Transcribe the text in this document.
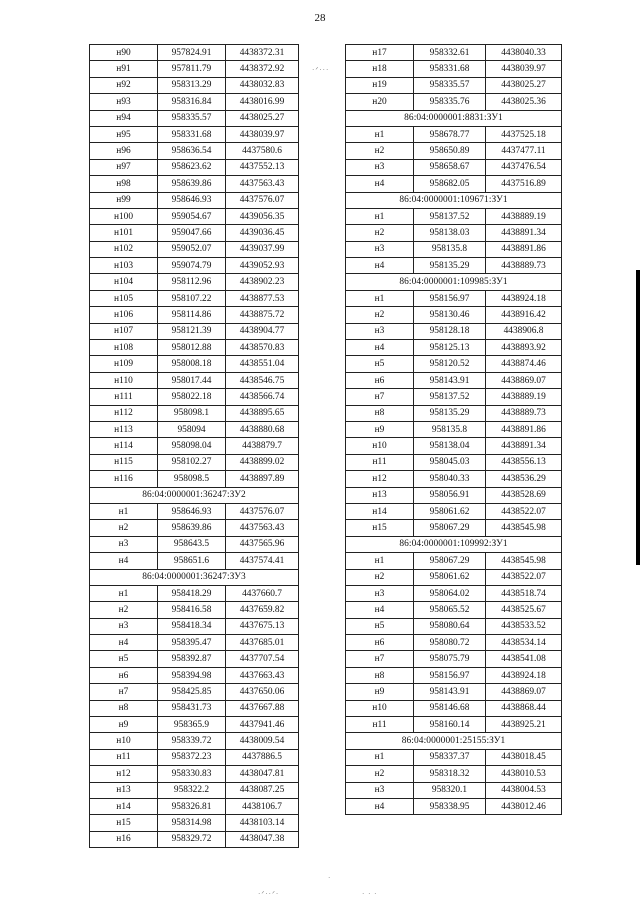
28
н90	957824.91	4438372.31
н91	957811.79	4438372.92
н92	958313.29	4438032.83
н93	958316.84	4438016.99
н94	958335.57	4438025.27
н95	958331.68	4438039.97
н96	958636.54	4437580.6
н97	958623.62	4437552.13
н98	958639.86	4437563.43
н99	958646.93	4437576.07
н100	959054.67	4439056.35
н101	959047.66	4439036.45
н102	959052.07	4439037.99
н103	959074.79	4439052.93
н104	958112.96	4438902.23
н105	958107.22	4438877.53
н106	958114.86	4438875.72
н107	958121.39	4438904.77
н108	958012.88	4438570.83
н109	958008.18	4438551.04
н110	958017.44	4438546.75
н111	958022.18	4438566.74
н112	958098.1	4438895.65
н113	958094	4438880.68
н114	958098.04	4438879.7
н115	958102.27	4438899.02
н116	958098.5	4438897.89
86:04:0000001:36247:ЗУ2		
н1	958646.93	4437576.07
н2	958639.86	4437563.43
н3	958643.5	4437565.96
н4	958651.6	4437574.41
86:04:0000001:36247:ЗУ3		
н1	958418.29	4437660.7
н2	958416.58	4437659.82
н3	958418.34	4437675.13
н4	958395.47	4437685.01
н5	958392.87	4437707.54
н6	958394.98	4437663.43
н7	958425.85	4437650.06
н8	958431.73	4437667.88
н9	958365.9	4437941.46
н10	958339.72	4438009.54
н11	958372.23	4437886.5
н12	958330.83	4438047.81
н13	958322.2	4438087.25
н14	958326.81	4438106.7
н15	958314.98	4438103.14
н16	958329.72	4438047.38
н17	958332.61	4438040.33
н18	958331.68	4438039.97
н19	958335.57	4438025.27
н20	958335.76	4438025.36
86:04:0000001:8831:ЗУ1		
н1	958678.77	4437525.18
н2	958650.89	4437477.11
н3	958658.67	4437476.54
н4	958682.05	4437516.89
86:04:0000001:109671:ЗУ1		
н1	958137.52	4438889.19
н2	958138.03	4438891.34
н3	958135.8	4438891.86
н4	958135.29	4438889.73
86:04:0000001:109985:ЗУ1		
н1	958156.97	4438924.18
н2	958130.46	4438916.42
н3	958128.18	4438906.8
н4	958125.13	4438893.92
н5	958120.52	4438874.46
н6	958143.91	4438869.07
н7	958137.52	4438889.19
н8	958135.29	4438889.73
н9	958135.8	4438891.86
н10	958138.04	4438891.34
н11	958045.03	4438556.13
н12	958040.33	4438536.29
н13	958056.91	4438528.69
н14	958061.62	4438522.07
н15	958067.29	4438545.98
86:04:0000001:109992:ЗУ1		
н1	958067.29	4438545.98
н2	958061.62	4438522.07
н3	958064.02	4438518.74
н4	958065.52	4438525.67
н5	958080.64	4438533.52
н6	958080.72	4438534.14
н7	958075.79	4438541.08
н8	958156.97	4438924.18
н9	958143.91	4438869.07
н10	958146.68	4438868.44
н11	958160.14	4438925.21
86:04:0000001:25155:ЗУ1		
н1	958337.37	4438018.45
н2	958318.32	4438010.53
н3	958320.1	4438004.53
н4	958338.95	4438012.46
·ᐟ···
·
·ᐟ··ᐟ·	· · ·
